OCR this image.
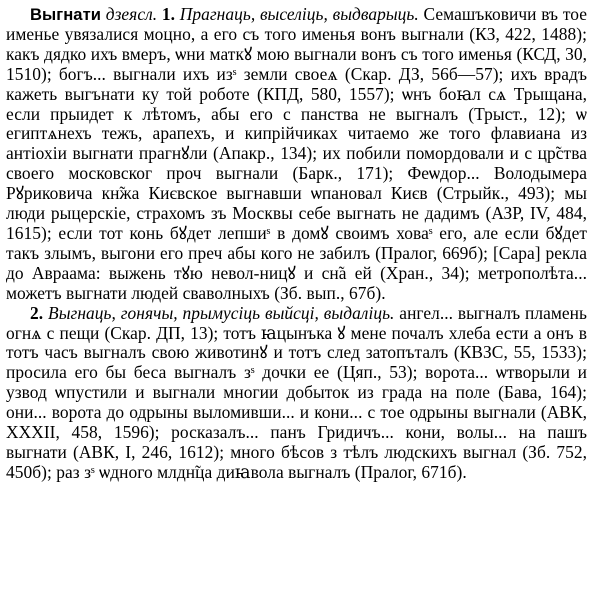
Выгнати дзеясл. 1. Прагнаць, выселіць, выдварыць. Семашъковичи въ тое именье увязалися моцно, а его съ того именья вонъ выгнали (КЗ, 422, 1488); какъ дядко ихъ вмеръ, ѡни маткꙋ мою выгнали вонъ съ того именья (КСД, 30, 1510); богъ... выгнали ихъ изˢ земли своеѧ (Скар. ДЗ, 56б—57); ихъ врадъ кажеть выгънати ку той роботе (КПД, 580, 1557); ѡнъ боꙗл сѧ Трыщана, если прыидет к лѣтомъ, абы его с панства не выгналъ (Трыст., 12); ѡ египтѧнехъ тежъ, арапехъ, и кипрійчиках читаемо же того флавиана из антіохіи выгнати прагнꙋли (Апакр., 134); их побили помордовали и с цр̃ства своего московског проч выгнали (Барк., 171); Феѡдор... Володымера Рꙋриковича кн̃жа Києвское выгнавши ѡпановал Києв (Стрыйк., 493); мы люди рыцерскіе, страхомъ зъ Москвы себе выгнать не дадимъ (АЗР, IV, 484, 1615); если тот конь бꙋдет лепшиˢ в домꙋ своимъ ховаˢ его, але если бꙋдет такъ злымъ, выгони его преч абы кого не забилъ (Пралог, 669б); [Сара] рекла до Авраама: выжень тꙋю невол-ницꙋ и сн̃а ей (Хран., 34); метрополѣта... можетъ выгнати людей сваволныхъ (Зб. вып., 67б).

2. Выгнаць, гонячы, прымусіць выйсці, выдаліць. ангел... выгналъ пламень огнѧ с пещи (Скар. ДП, 13); тотъ ꙗцынъка ꙋ мене почалъ хлеба ести а онъ в тотъ часъ выгналъ свою животинꙋ и тотъ след затопъталъ (КВЗС, 55, 1533); просила его бы беса выгналъ зˢ дочки ее (Цяп., 53); ворота... ѡтворыли и узвод ѡпустили и выгнали многии добыток из града на поле (Бава, 164); они... ворота до одрыны выломивши... и кони... с тое одрыны выгнали (АВК, XXXII, 458, 1596); росказалъ... панъ Гридичъ... кони, волы... на пашъ выгнати (АВК, I, 246, 1612); много бѣсов з тѣлъ людскихъ выгнал (Зб. 752, 450б); раз зˢ ѡдного млдн̃ца диꙗвола выгналъ (Пралог, 671б).
